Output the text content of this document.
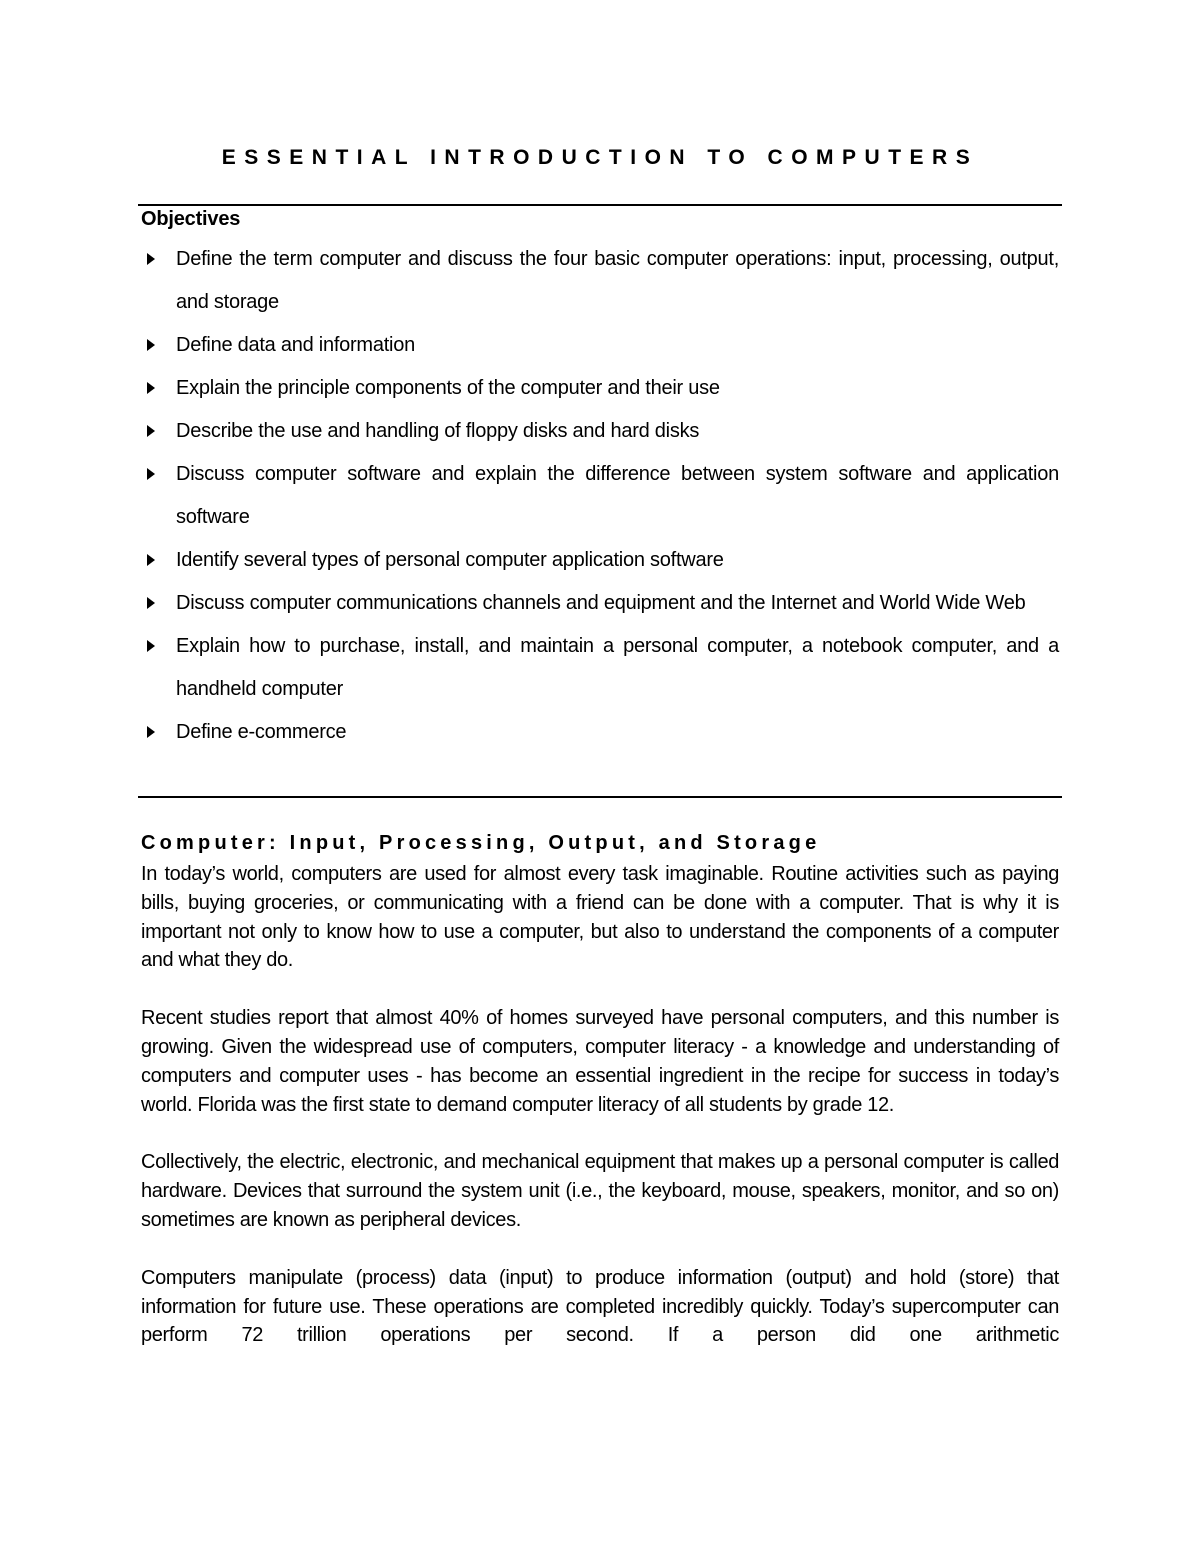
ESSENTIAL INTRODUCTION TO COMPUTERS
Objectives
Define the term computer and discuss the four basic computer operations: input, processing, output, and storage
Define data and information
Explain the principle components of the computer and their use
Describe the use and handling of floppy disks and hard disks
Discuss computer software and explain the difference between system software and application software
Identify several types of personal computer application software
Discuss computer communications channels and equipment and the Internet and World Wide Web
Explain how to purchase, install, and maintain a personal computer, a notebook computer, and a handheld computer
Define e-commerce
Computer: Input, Processing, Output, and Storage

In today’s world, computers are used for almost every task imaginable. Routine activities such as paying bills, buying groceries, or communicating with a friend can be done with a computer. That is why it is important not only to know how to use a computer, but also to understand the components of a computer and what they do.

Recent studies report that almost 40% of homes surveyed have personal computers, and this number is growing. Given the widespread use of computers, computer literacy - a knowledge and understanding of computers and computer uses - has become an essential ingredient in the recipe for success in today’s world. Florida was the first state to demand computer literacy of all students by grade 12.

Collectively, the electric, electronic, and mechanical equipment that makes up a personal computer is called hardware. Devices that surround the system unit (i.e., the keyboard, mouse, speakers, monitor, and so on) sometimes are known as peripheral devices.

Computers manipulate (process) data (input) to produce information (output) and hold (store) that information for future use. These operations are completed incredibly quickly. Today’s supercomputer can perform 72 trillion operations per second. If a person did one arithmetic
